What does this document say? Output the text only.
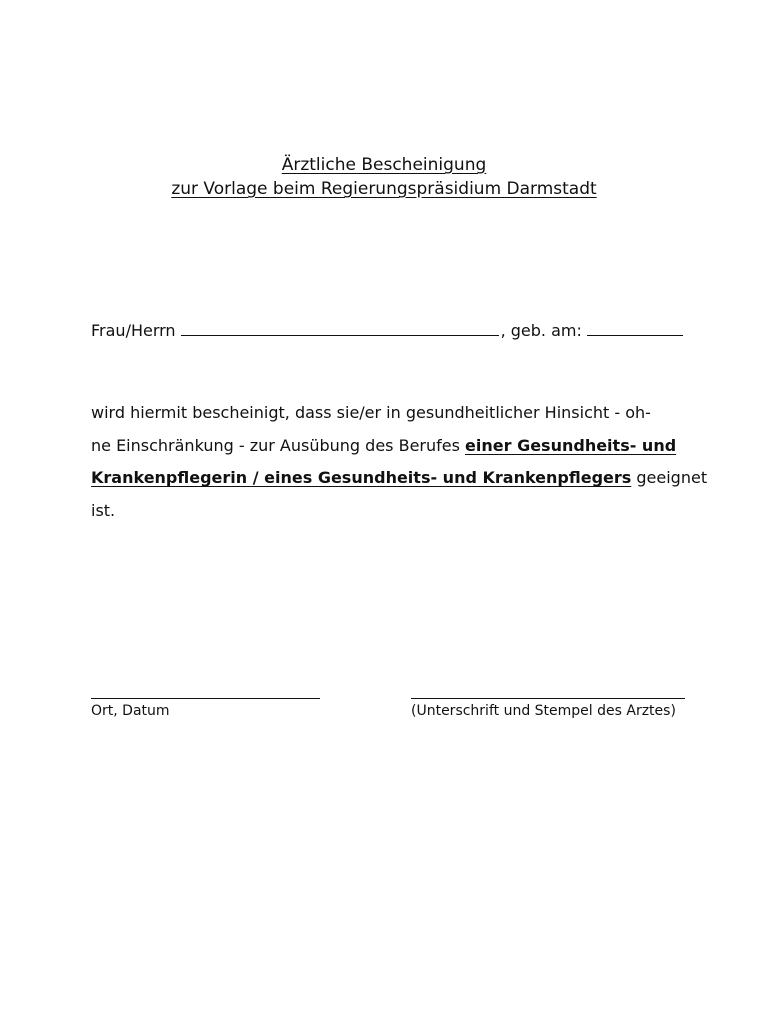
Ärztliche Bescheinigung
zur Vorlage beim Regierungspräsidium Darmstadt
Frau/Herrn	, geb. am:
wird hiermit bescheinigt, dass sie/er in gesundheitlicher Hinsicht - oh-
ne Einschränkung - zur Ausübung des Berufes einer Gesundheits- und
Krankenpflegerin / eines Gesundheits- und Krankenpflegers geeignet
ist.
Ort, Datum	(Unterschrift und Stempel des Arztes)
